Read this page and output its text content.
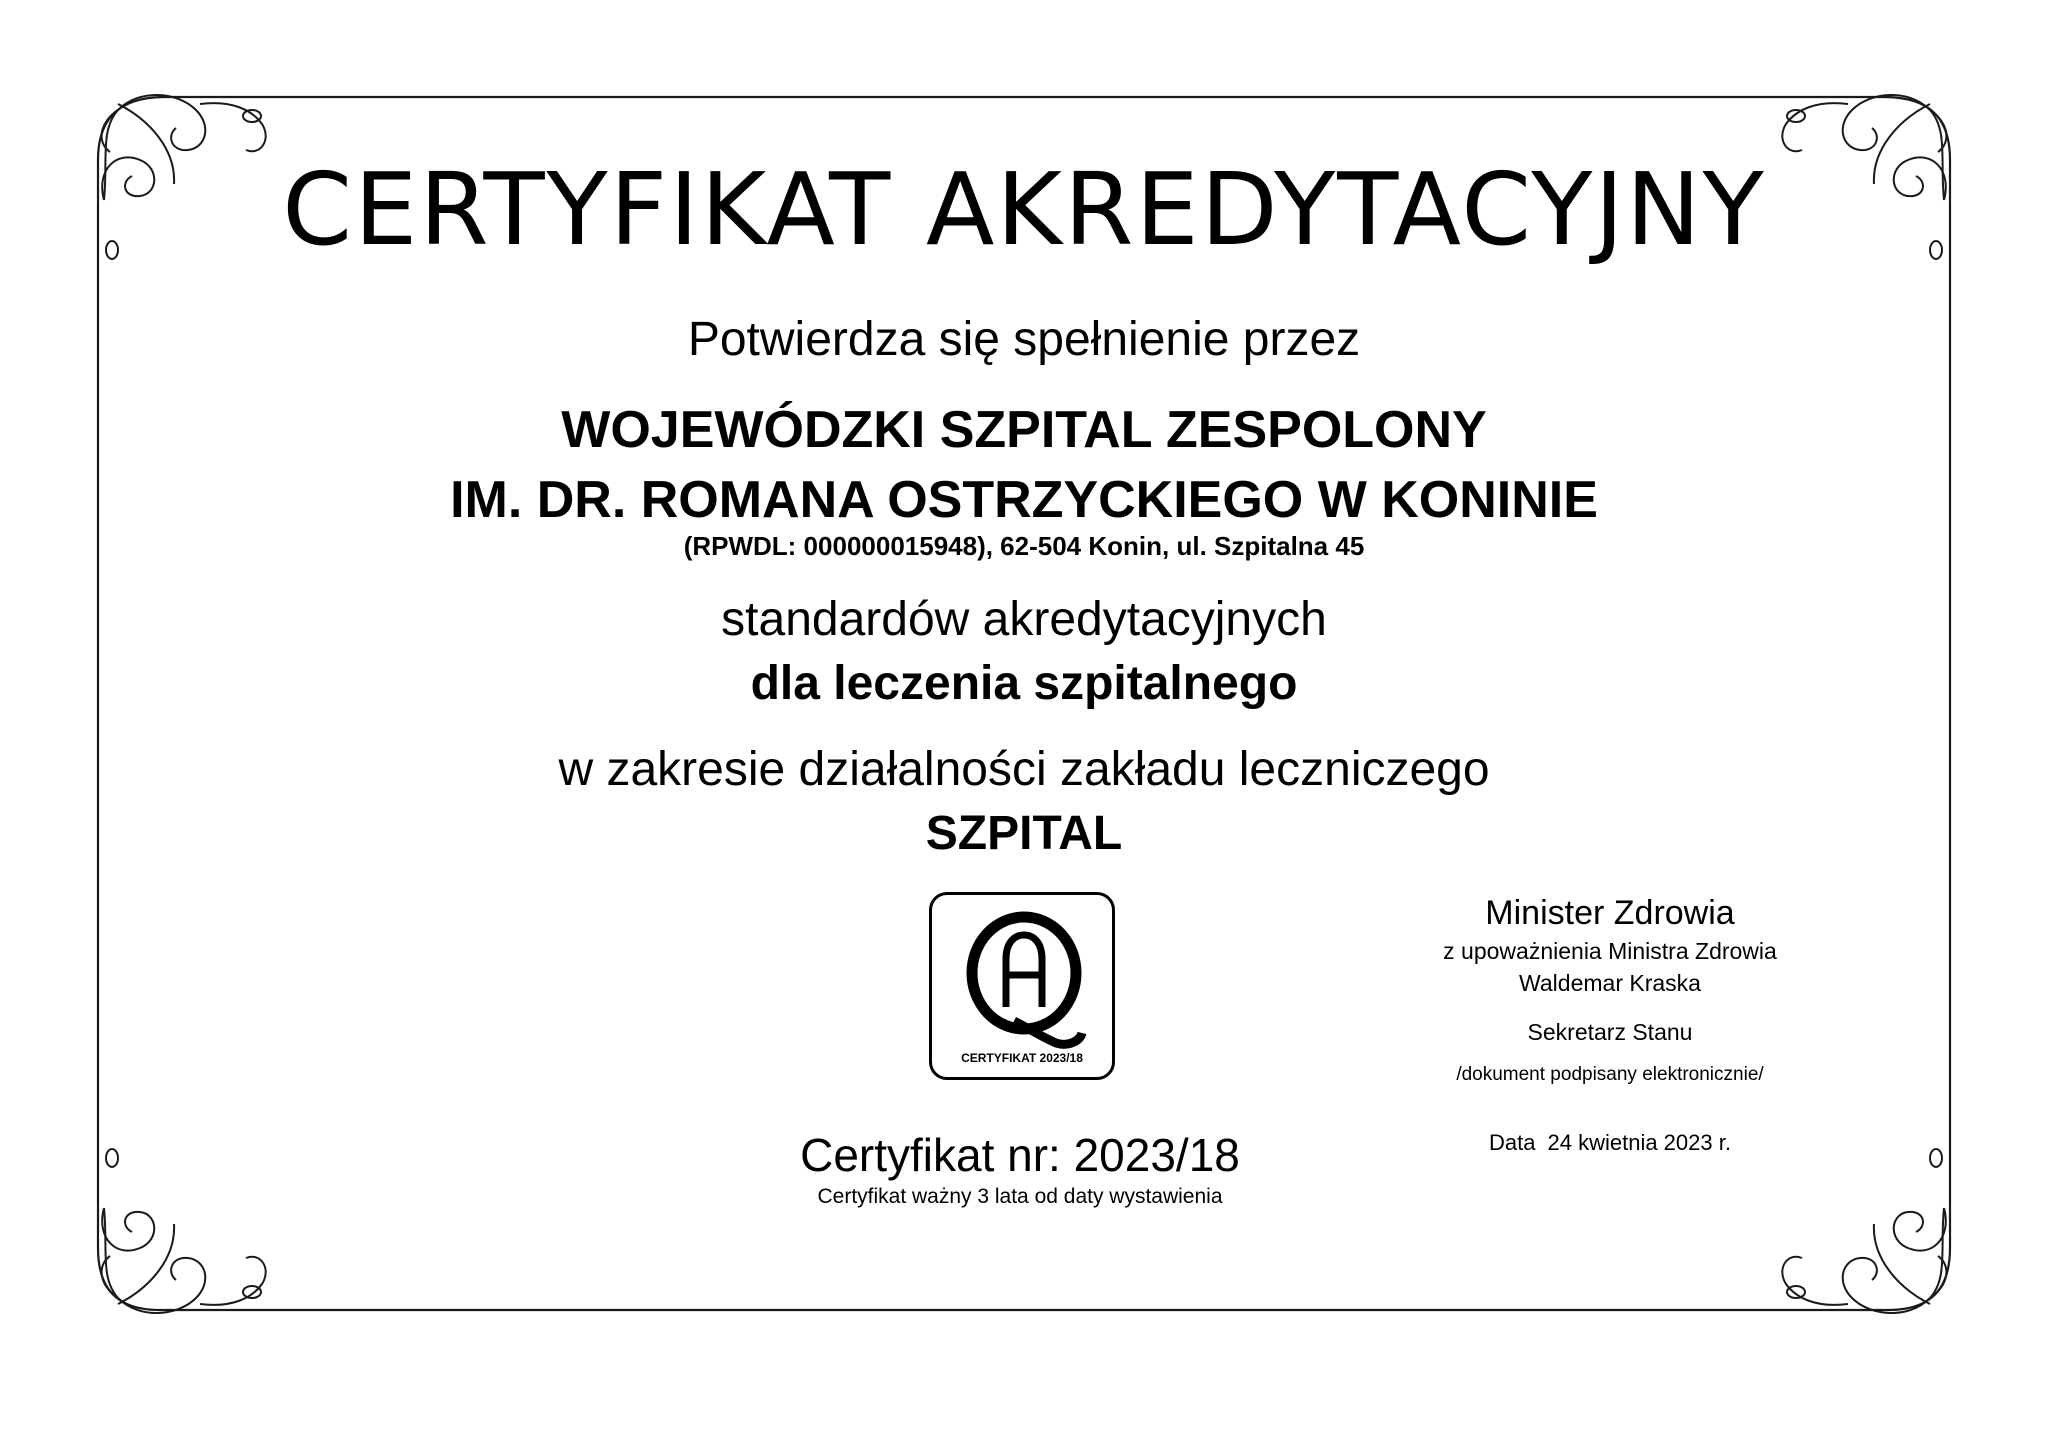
CERTYFIKAT AKREDYTACYJNY
Potwierdza się spełnienie przez
WOJEWÓDZKI SZPITAL ZESPOLONY
IM. DR. ROMANA OSTRZYCKIEGO W KONINIE
(RPWDL: 000000015948), 62-504 Konin, ul. Szpitalna 45
standardów akredytacyjnych
dla leczenia szpitalnego
w zakresie działalności zakładu leczniczego
SZPITAL
CERTYFIKAT 2023/18
Certyfikat nr: 2023/18
Certyfikat ważny 3 lata od daty wystawienia
Minister Zdrowia
z upoważnienia Ministra Zdrowia
Waldemar Kraska
Sekretarz Stanu
/dokument podpisany elektronicznie/
Data 24 kwietnia 2023 r.
